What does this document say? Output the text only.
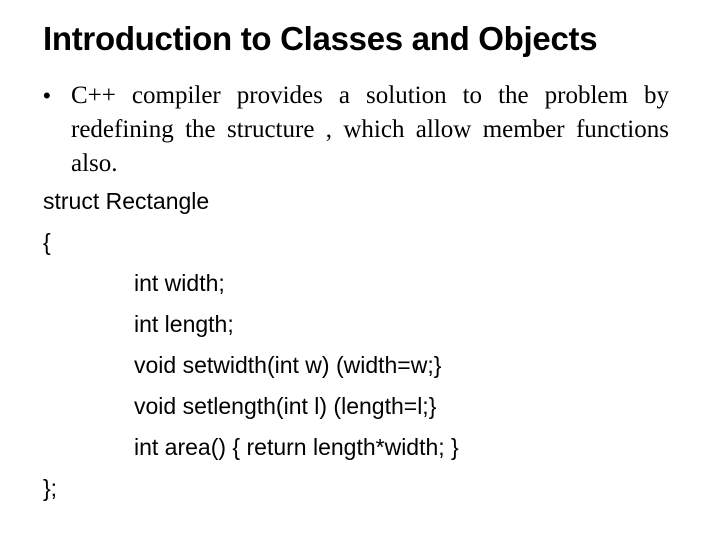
Introduction to Classes and Objects
• C++ compiler provides a solution to the problem by redefining the structure , which allow member functions also.
struct Rectangle
{
int width;
int length;
void setwidth(int w) (width=w;}
void setlength(int l) (length=l;}
int area() { return length*width; }
};
